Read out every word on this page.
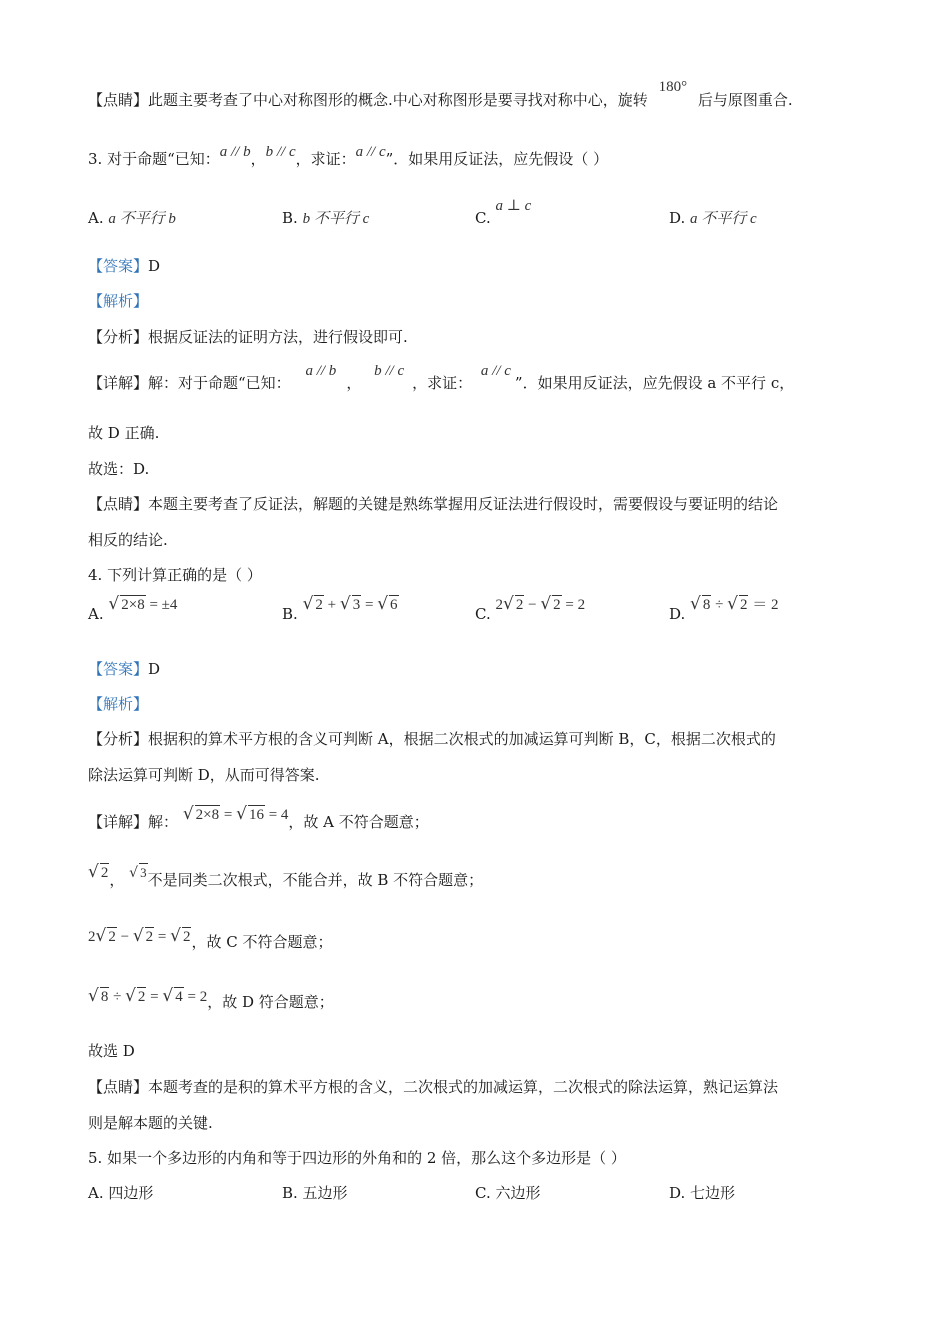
【点睛】此题主要考查了中心对称图形的概念.中心对称图形是要寻找对称中心，旋转 180° 后与原图重合.
3. 对于命题“已知：a // b，b // c，求证：a // c”．如果用反证法，应先假设（ ）
A. a 不平行 b	B. b 不平行 c	C. a ⊥ c
D. a 不平行 c
【答案】D
【解析】
【分析】根据反证法的证明方法，进行假设即可.
【详解】解：对于命题“已知： a // b， b // c，求证： a // c”．如果用反证法，应先假设 a 不平行 c，
故 D 正确.
故选：D.
【点睛】本题主要考查了反证法，解题的关键是熟练掌握用反证法进行假设时，需要假设与要证明的结论
相反的结论.
4. 下列计算正确的是（ ）
A. √ 2×8 = ±4	B. √ 2 + √ 3 = √ 6	C. 2√ 2 − √ 2 = 2	D. √ 8 ÷ √ 2 ＝ 2
【答案】D
【解析】
【分析】根据积的算术平方根的含义可判断 A，根据二次根式的加减运算可判断 B，C，根据二次根式的
除法运算可判断 D，从而可得答案.
【详解】解： √ 2×8 = √ 16 = 4，故 A 不符合题意；
√ 2， √ 3不是同类二次根式，不能合并，故 B 不符合题意；
2√ 2 − √ 2 = √ 2，故 C 不符合题意；
√ 8 ÷ √ 2 = √ 4 = 2，故 D 符合题意；
故选 D
【点睛】本题考查的是积的算术平方根的含义，二次根式的加减运算，二次根式的除法运算，熟记运算法
则是解本题的关键.
5. 如果一个多边形的内角和等于四边形的外角和的 2 倍，那么这个多边形是（ ）
A. 四边形	B. 五边形	C. 六边形	D. 七边形
